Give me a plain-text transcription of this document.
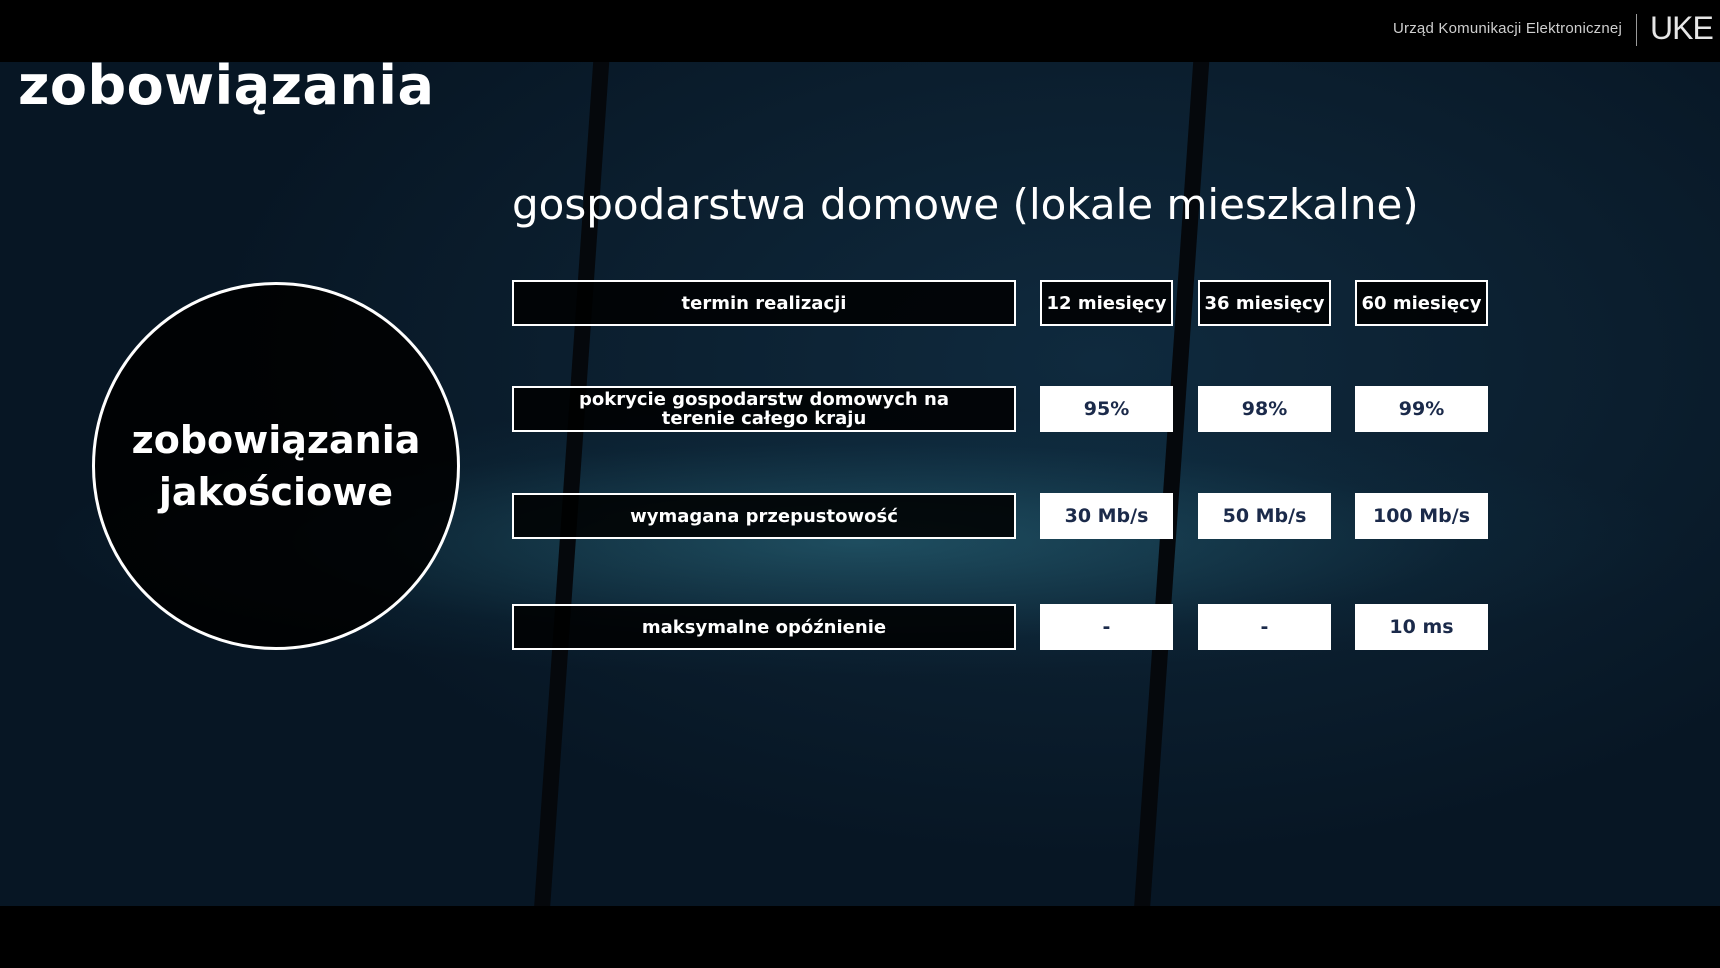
Urząd Komunikacji Elektronicznej UKE
zobowiązania
gospodarstwa domowe (lokale mieszkalne)
zobowiązania
jakościowe
termin realizacji	12 miesięcy	36 miesięcy	60 miesięcy
pokrycie gospodarstw domowych na terenie całego kraju	95%	98%	99%
wymagana przepustowość	30 Mb/s	50 Mb/s	100 Mb/s
maksymalne opóźnienie	-	-	10 ms
